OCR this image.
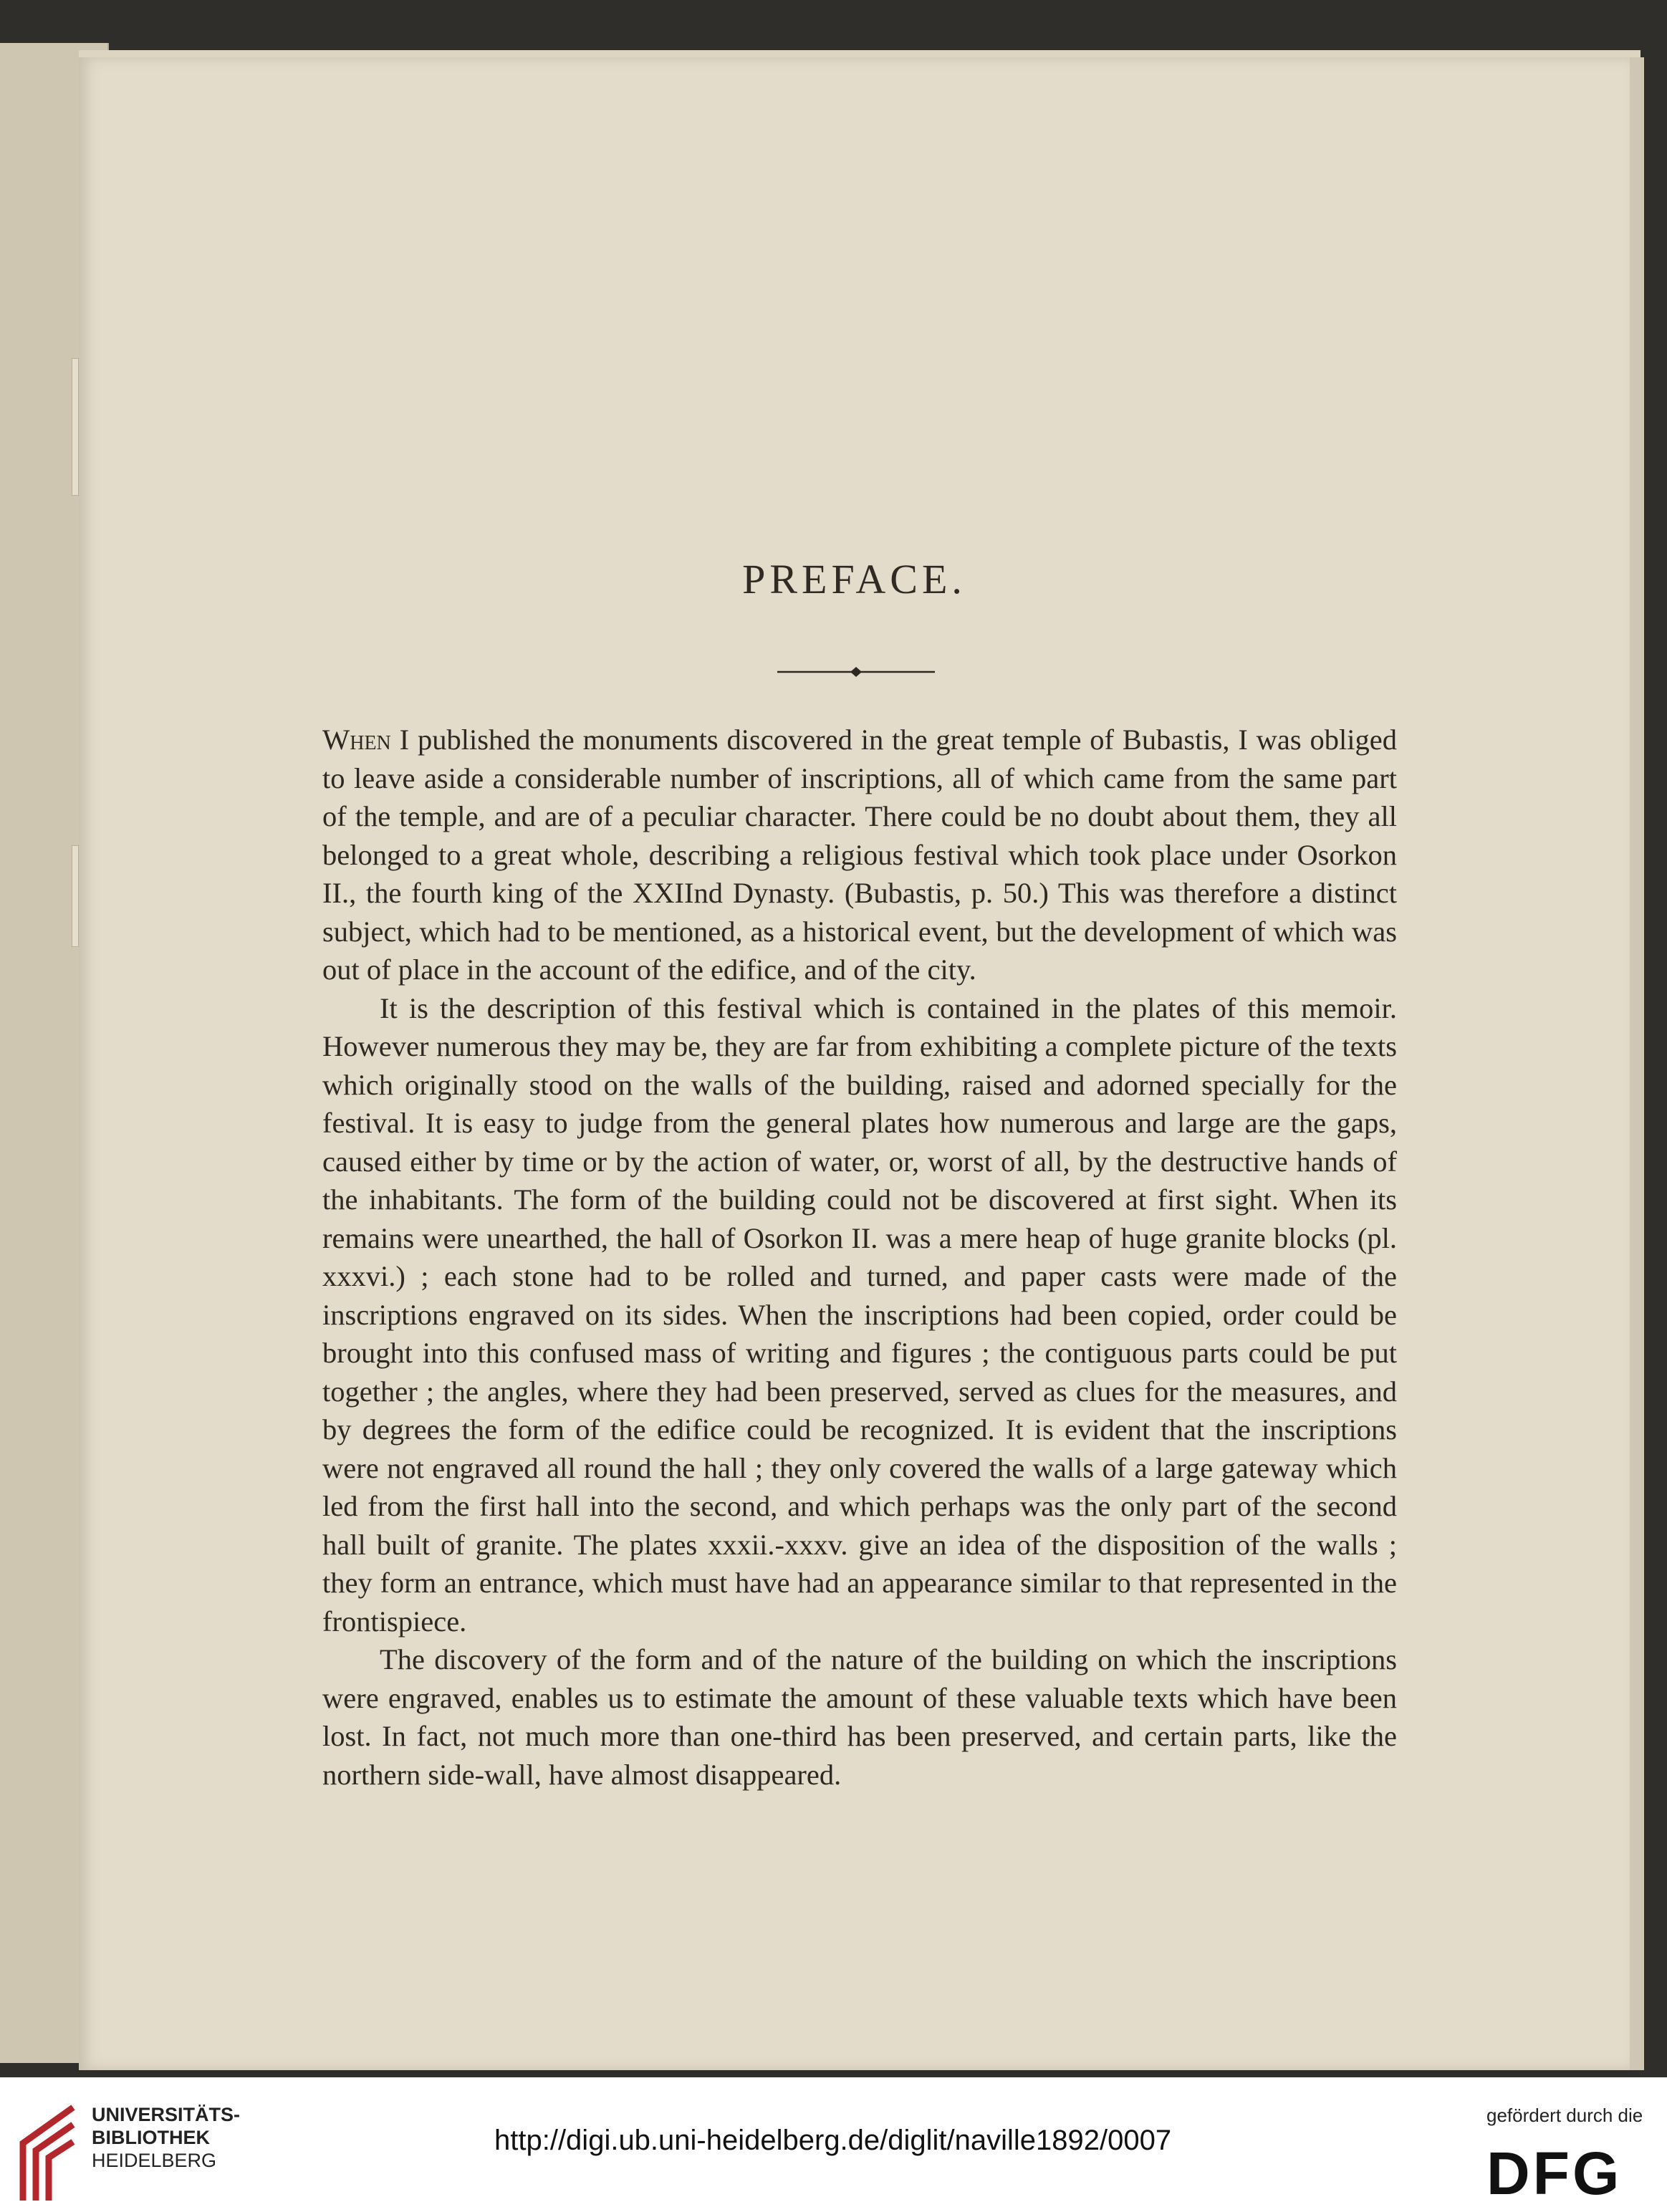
PREFACE.

When I published the monuments discovered in the great temple of Bubastis, I was obliged to leave aside a considerable number of inscriptions, all of which came from the same part of the temple, and are of a peculiar character. There could be no doubt about them, they all belonged to a great whole, describing a religious festival which took place under Osorkon II., the fourth king of the XXIInd Dynasty. (Bubastis, p. 50.) This was therefore a distinct subject, which had to be mentioned, as a historical event, but the development of which was out of place in the account of the edifice, and of the city.

It is the description of this festival which is contained in the plates of this memoir. However numerous they may be, they are far from exhibiting a complete picture of the texts which originally stood on the walls of the building, raised and adorned specially for the festival. It is easy to judge from the general plates how numerous and large are the gaps, caused either by time or by the action of water, or, worst of all, by the destructive hands of the inhabitants. The form of the building could not be discovered at first sight. When its remains were unearthed, the hall of Osorkon II. was a mere heap of huge granite blocks (pl. xxxvi.) ; each stone had to be rolled and turned, and paper casts were made of the inscriptions engraved on its sides. When the inscriptions had been copied, order could be brought into this confused mass of writing and figures ; the contiguous parts could be put together ; the angles, where they had been preserved, served as clues for the measures, and by degrees the form of the edifice could be recognized. It is evident that the inscriptions were not engraved all round the hall ; they only covered the walls of a large gateway which led from the first hall into the second, and which perhaps was the only part of the second hall built of granite. The plates xxxii.-xxxv. give an idea of the disposition of the walls ; they form an entrance, which must have had an appearance similar to that represented in the frontispiece.

The discovery of the form and of the nature of the building on which the inscriptions were engraved, enables us to estimate the amount of these valuable texts which have been lost. In fact, not much more than one-third has been preserved, and certain parts, like the northern side-wall, have almost disappeared.

UNIVERSITÄTS-
BIBLIOTHEK
HEIDELBERG
http://digi.ub.uni-heidelberg.de/diglit/naville1892/0007
gefördert durch die
DFG
